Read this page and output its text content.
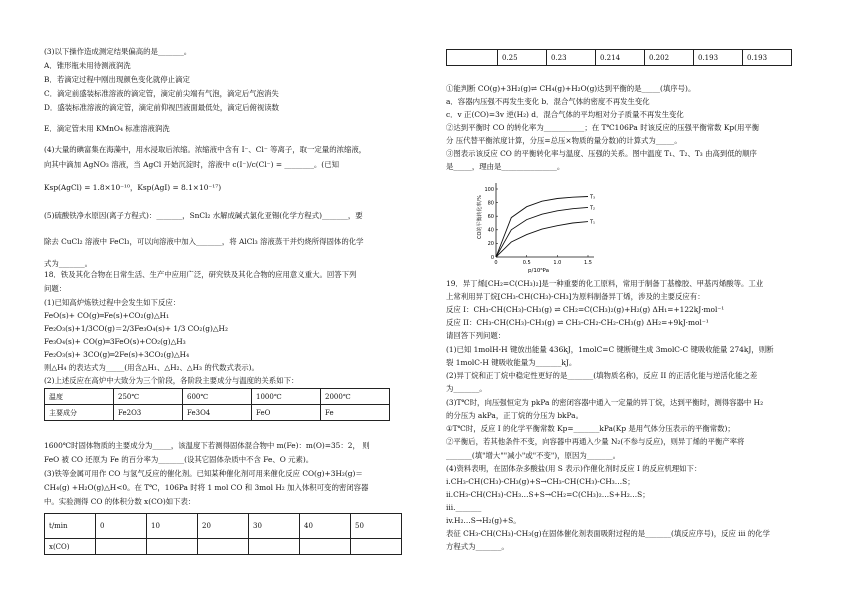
(3)以下操作造成测定结果偏高的是_______。
A．锥形瓶未用待测液润洗
B．若滴定过程中刚出现颜色变化就停止滴定
C．滴定前盛装标准溶液的滴定管，滴定前尖端有气泡，滴定后气泡消失
D．盛装标准溶液的滴定管，滴定前仰视凹液面最低处，滴定后俯视读数
E．滴定管未用 KMnO₄ 标准溶液润洗
(4)大量的碘富集在海藻中，用水浸取后浓缩。浓缩液中含有 I⁻、Cl⁻ 等离子，取一定量的浓缩液，
向其中滴加 AgNO₃ 溶液，当 AgCl 开始沉淀时，溶液中 c(I⁻)/c(Cl⁻) = ________。(已知
Ksp(AgCl) = 1.8×10⁻¹⁰，Ksp(AgI) = 8.1×10⁻¹⁷)
(5)硫酸铁净水原因(离子方程式)：_______，SnCl₂ 水解成碱式氯化亚锡(化学方程式)_______，要
除去 CuCl₂ 溶液中 FeCl₃，可以向溶液中加入_______，将 AlCl₃ 溶液蒸干并灼烧所得固体的化学
式为_______。
18．铁及其化合物在日常生活、生产中应用广泛，研究铁及其化合物的应用意义重大。回答下列
问题：
(1)已知高炉炼铁过程中会发生如下反应：
FeO(s)+ CO(g)═Fe(s)+CO₂(g)△H₁
Fe₂O₃(s)+1/3CO(g)＝2/3Fe₃O₄(s)+ 1/3 CO₂(g)△H₂
Fe₃O₄(s)+ CO(g)═3FeO(s)+CO₂(g)△H₃
Fe₂O₃(s)+ 3CO(g)═2Fe(s)+3CO₂(g)△H₄
则△H₄ 的表达式为_____(用含△H₁、△H₂、△H₃ 的代数式表示)。
(2)上述反应在高炉中大致分为三个阶段，各阶段主要成分与温度的关系如下：
温度	250℃	600℃	1000℃	2000℃
主要成分	Fe2O3	Fe3O4	FeO	Fe
1600℃时固体物质的主要成分为_____，该温度下若测得固体混合物中 m(Fe)：m(O)=35：2， 则
FeO 被 CO 还原为 Fe 的百分率为_______(设其它固体杂质中不含 Fe、O 元素)。
(3)铁等金属可用作 CO 与氢气反应的催化剂。已知某种催化剂可用来催化反应 CO(g)+3H₂(g)＝
CH₄(g) +H₂O(g)△H<0。在 T℃，106Pa 时将 1 mol CO 和 3mol H₂ 加入体积可变的密闭容器
中。实验测得 CO 的体积分数 x(CO)如下表：
t/min	0	10	20	30	40	50
x(CO)						
	0.25	0.23	0.214	0.202	0.193	0.193
①能判断 CO(g)+3H₂(g)⇌ CH₄(g)+H₂O(g)达到平衡的是_____(填序号)。
a．容器内压强不再发生变化 b．混合气体的密度不再发生变化
c．v 正(CO)=3v 逆(H₂) d．混合气体的平均相对分子质量不再发生变化
②达到平衡时 CO 的转化率为___________；在 T℃106Pa 时该反应的压强平衡常数 Kp(用平衡
分 压代替平衡浓度计算，分压=总压×物质的量分数)的计算式为_____。
③图表示该反应 CO 的平衡转化率与温度、压强的关系。图中温度 T₁、T₂、T₃ 由高到低的顺序
是_____，理由是_______________。
0	0.5	1.0	1.5
0
20
40
60
80
100
T₃
T₂
T₁
CO的平衡转化率/%
p/10⁶Pa
19．异丁烯[CH₂=C(CH₃)₂]是一种重要的化工原料，常用于制备丁基橡胶、甲基丙烯酸等。工业
上常利用异丁烷[CH₃-CH(CH₃)-CH₃]为原料制备异丁烯，涉及的主要反应有：
反应 I：CH₃-CH(CH₃)-CH₃(g) ⇌ CH₂=C(CH₃)₂(g)+H₂(g) ΔH₁=+122kJ·mol⁻¹
反应 II：CH₃-CH(CH₃)-CH₃(g) ⇌ CH₃-CH₂-CH₂-CH₃(g) ΔH₂=+9kJ·mol⁻¹
请回答下列问题：
(1)已知 1molH-H 键放出能量 436kJ，1molC=C 键断键生成 3molC-C 键吸收能量 274kJ，则断
裂 1molC-H 键吸收能量为_______kJ。
(2)异丁烷和正丁烷中稳定性更好的是_______(填物质名称)，反应 II 的正活化能与逆活化能之差
为_______。
(3)T℃时，向压强恒定为 pkPa 的密闭容器中通入一定量的异丁烷，达到平衡时，测得容器中 H₂
的分压为 akPa，正丁烷的分压为 bkPa。
①T℃时，反应 I 的化学平衡常数 Kp=_______kPa(Kp 是用气体分压表示的平衡常数)；
②平衡后，若其他条件不变，向容器中再通入少量 N₂(不参与反应)，则异丁烯的平衡产率将
_______(填"增大""减小"或"不变")，原因为_______。
(4)资料表明，在固体杂多酸盐(用 S 表示)作催化剂时反应 I 的反应机理如下：
i.CH₃-CH(CH₃)-CH₃(g)+S→CH₃-CH(CH₃)-CH₃…S；
ii.CH₃-CH(CH₃)-CH₃…S+S→CH₂=C(CH₃)₂…S+H₂…S；
iii._______
iv.H₂…S→H₂(g)+S。
表征 CH₃-CH(CH₃)-CH₃(g)在固体催化剂表面吸附过程的是_______(填反应序号)，反应 iii 的化学
方程式为_______。
